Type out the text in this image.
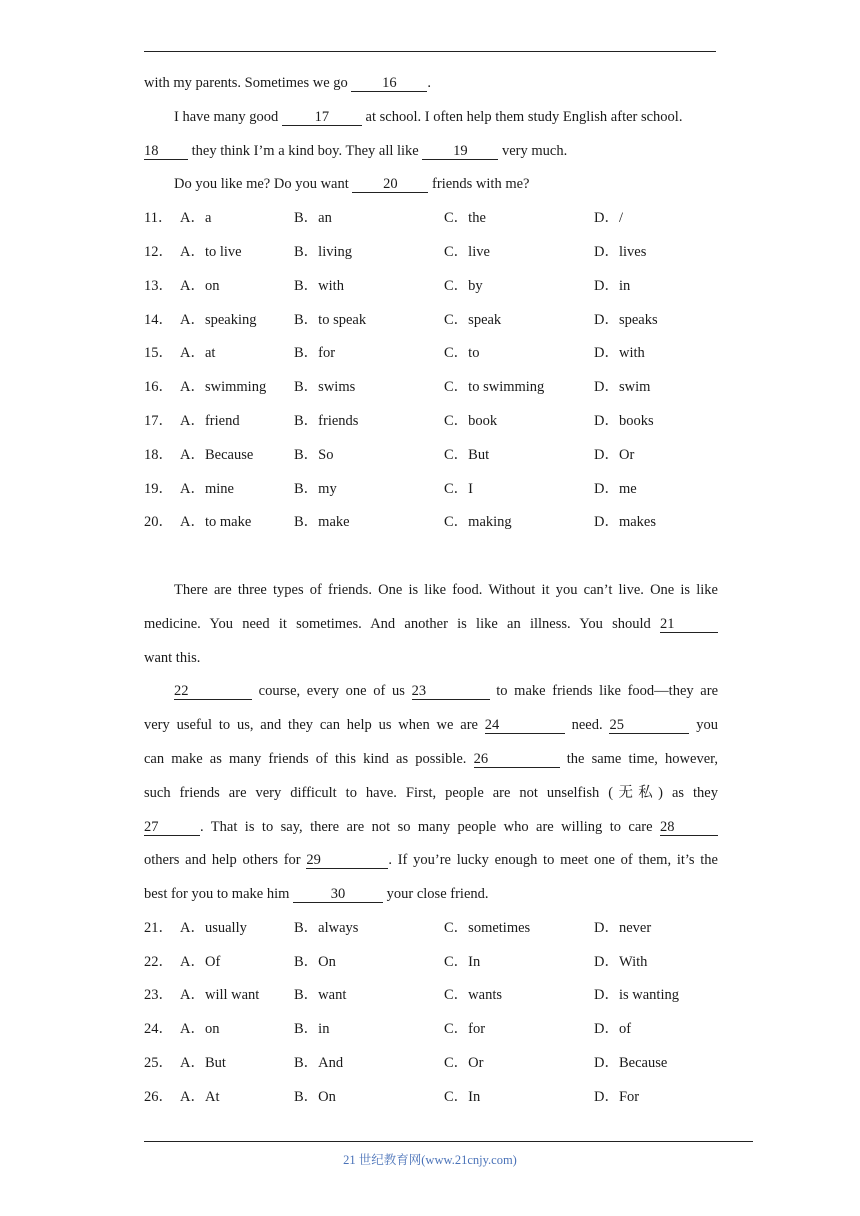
with my parents. Sometimes we go 16 .
I have many good 17 at school. I often help them study English after school.
18 they think I’m a kind boy. They all like 19 very much.
Do you like me? Do you want 20 friends with me?
11． A．a	B．an	C．the	D．/
12． A．to live	B．living	C．live	D．lives
13． A．on	B．with	C．by	D．in
14． A．speaking	B．to speak	C．speak	D．speaks
15． A．at	B．for	C．to	D．with
16． A．swimming B．swims	C．to swimming	D．swim
17． A．friend	B．friends	C．book	D．books
18． A．Because	B．So	C．But	D．Or
19． A．mine	B．my	C．I	D．me
20． A．to make	B．make	C．making	D．makes
There are three types of friends. One is like food. Without it you can’t live. One is like
medicine. You need it sometimes. And another is like an illness. You should 21
want this.
22	course, every one of us 23	to make friends like food—they are
very useful to us, and they can help us when we are 24	need. 25	you
can make as many friends of this kind as possible. 26	the same time, however,
such friends are very difficult to have. First, people are not unselfish (无私) as they
27	. That is to say, there are not so many people who are willing to care 28
others and help others for 29	. If you’re lucky enough to meet one of them, it’s the
best for you to make him	30	your close friend.
21． A．usually	B．always	C．sometimes	D．never
22． A．Of	B．On	C．In	D．With
23． A．will want B．want	C．wants	D．is wanting
24． A．on	B．in	C．for	D．of
25． A．But	B．And	C．Or	D．Because
26． A．At	B．On	C．In	D．For
21 世纪教育网(www.21cnjy.com)
